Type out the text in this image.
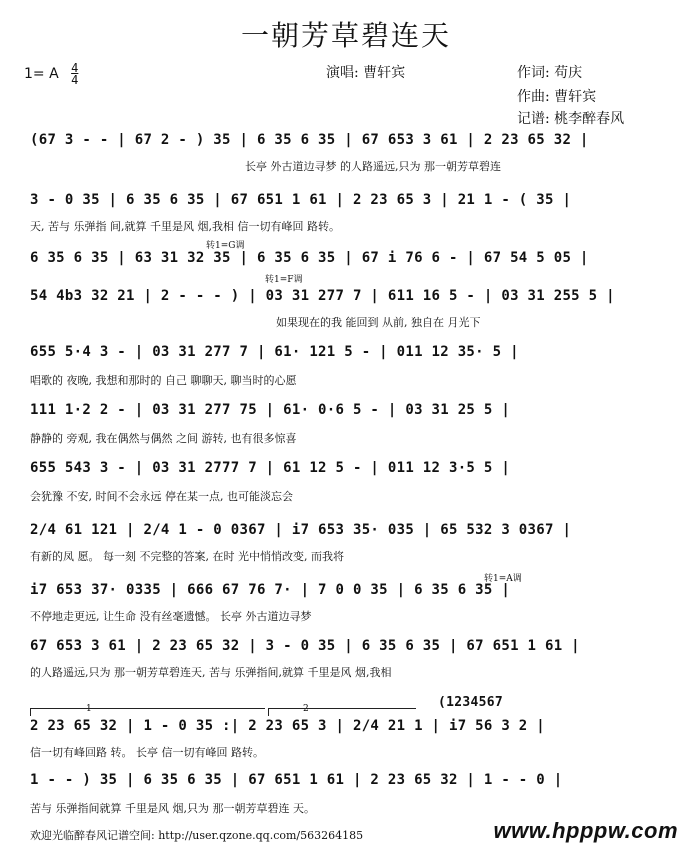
一朝芳草碧连天
1= A $\frac{4}{4}$	演唱: 曹轩宾	作词: 苟庆
作曲: 曹轩宾
记谱: 桃李醉春风
转1=G调
转1=F调
转1=A调
1	2	(1234567
(67 3 - - | 67 2 - ) 35 | 6 35 6 35 | 67 653 3 61 | 2 23 65 32 |
长亭 外古道边寻梦 的人路遥远,只为 那一朝芳草碧连
3 - 0 35 | 6 35 6 35 | 67 651 1 61 | 2 23 65 3 | 21 1 - ( 35 |
天, 苦与 乐弹指 间,就算 千里是风 烟,我相 信一切有峰回 路转。
6 35 6 35 | 63 31 32 35 | 6 35 6 35 | 67 i 76 6 - | 67 54 5 05 |
54 4b3 32 21 | 2 - - - ) | 03 31 277 7 | 611 16 5 - | 03 31 255 5 |
如果现在的我 能回到 从前, 独自在 月光下
655 5·4 3 - | 03 31 277 7 | 61· 121 5 - | 011 12 35· 5 |
唱歌的 夜晚, 我想和那时的 自己 聊聊天, 聊当时的心愿
111 1·2 2 - | 03 31 277 75 | 61· 0·6 5 - | 03 31 25 5 |
静静的 旁观, 我在偶然与偶然 之间 游转, 也有很多惊喜
655 543 3 - | 03 31 2777 7 | 61 12 5 - | 011 12 3·5 5 |
会犹豫 不安, 时间不会永远 停在某一点, 也可能淡忘会
2/4 61 121 | 2/4 1 - 0 0367 | i7 653 35· 035 | 65 532 3 0367 |
有新的凤 愿。 每一刻 不完整的答案, 在时 光中悄悄改变, 而我将
i7 653 37· 0335 | 666 67 76 7· | 7 0 0 35 | 6 35 6 35 |
不停地走更远, 让生命 没有丝毫遗憾。 长亭 外古道边寻梦
67 653 3 61 | 2 23 65 32 | 3 - 0 35 | 6 35 6 35 | 67 651 1 61 |
的人路遥远,只为 那一朝芳草碧连天, 苦与 乐弹指间,就算 千里是风 烟,我相
2 23 65 32 | 1 - 0 35 :| 2 23 65 3 | 2/4 21 1 | i7 56 3 2 |
信一切有峰回路 转。 长亭 信一切有峰回 路转。
1 - - ) 35 | 6 35 6 35 | 67 651 1 61 | 2 23 65 32 | 1 - - 0 |
苦与 乐弹指间就算 千里是风 烟,只为 那一朝芳草碧连 天。
欢迎光临醉春风记谱空间: http://user.qzone.qq.com/563264185	www.hpppw.com
